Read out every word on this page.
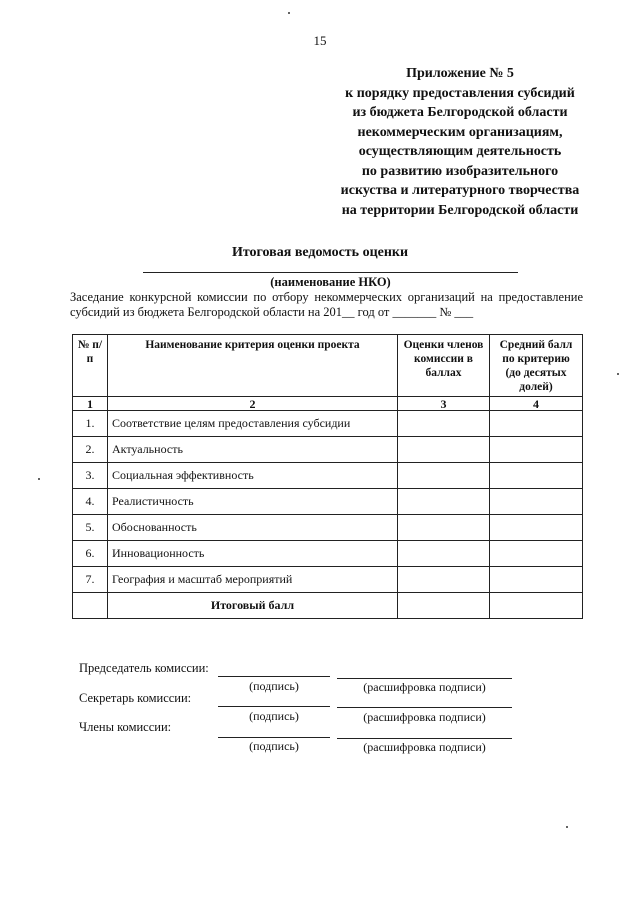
15
Приложение № 5
к порядку предоставления субсидий
из бюджета Белгородской области
некоммерческим организациям,
осуществляющим деятельность
по развитию изобразительного
искуства и литературного творчества
на территории Белгородской области
Итоговая ведомость оценки
(наименование НКО)
Заседание конкурсной комиссии по отбору некоммерческих организаций на предоставление субсидий из бюджета Белгородской области на 201__ год от _______ № ___
№ п/п	Наименование критерия оценки проекта	Оценки членов комиссии в баллах	Средний балл по критерию (до десятых долей)
1	2	3	4
1.	Соответствие целям предоставления субсидии		
2.	Актуальность		
3.	Социальная эффективность		
4.	Реалистичность		
5.	Обоснованность		
6.	Инновационность		
7.	География и масштаб мероприятий		
	Итоговый балл		
Председатель комиссии:
(подпись)	(расшифровка подписи)
Секретарь комиссии:
(подпись)	(расшифровка подписи)
Члены комиссии:
(подпись)	(расшифровка подписи)
